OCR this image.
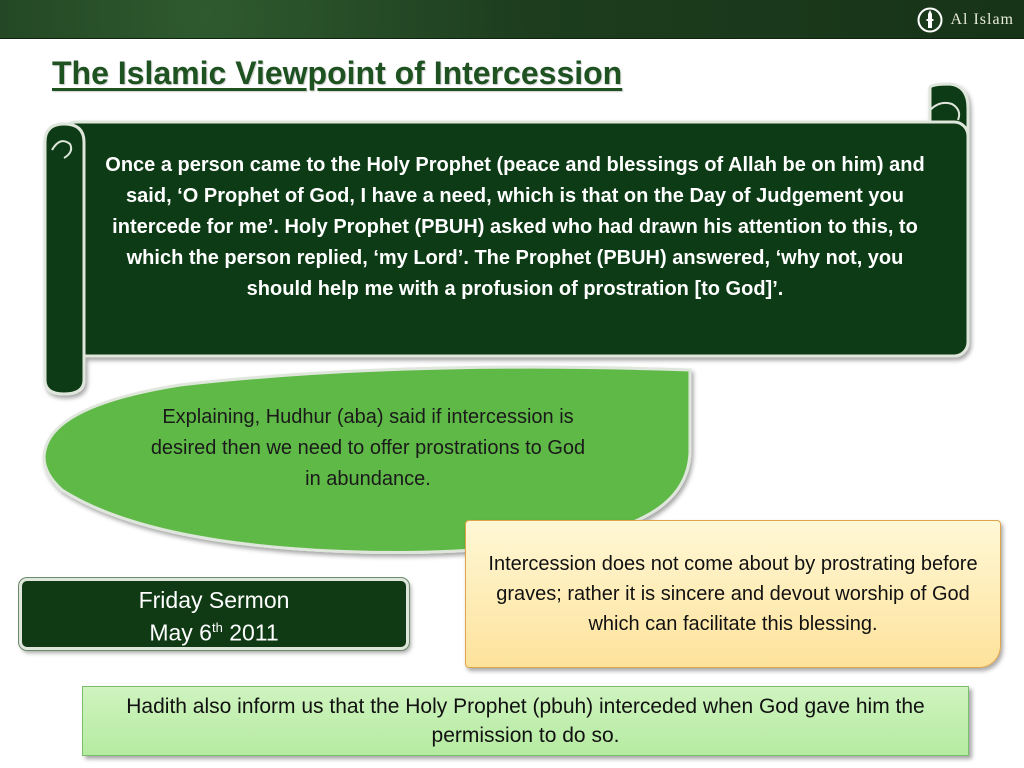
Al Islam
The Islamic Viewpoint of Intercession
Once a person came to the Holy Prophet (peace and blessings of Allah be on him) and said, ‘O Prophet of God, I have a need, which is that on the Day of Judgement you intercede for me’. Holy Prophet (PBUH) asked who had drawn his attention to this, to which the person replied, ‘my Lord’. The Prophet (PBUH) answered, ‘why not, you should help me with a profusion of prostration [to God]’.
Explaining, Hudhur (aba) said if intercession is desired then we need to offer prostrations to God in abundance.
Intercession does not come about by prostrating before graves; rather it is sincere and devout worship of God which can facilitate this blessing.
Friday Sermon
May 6th 2011
Hadith also inform us that the Holy Prophet (pbuh) interceded when God gave him the permission to do so.
